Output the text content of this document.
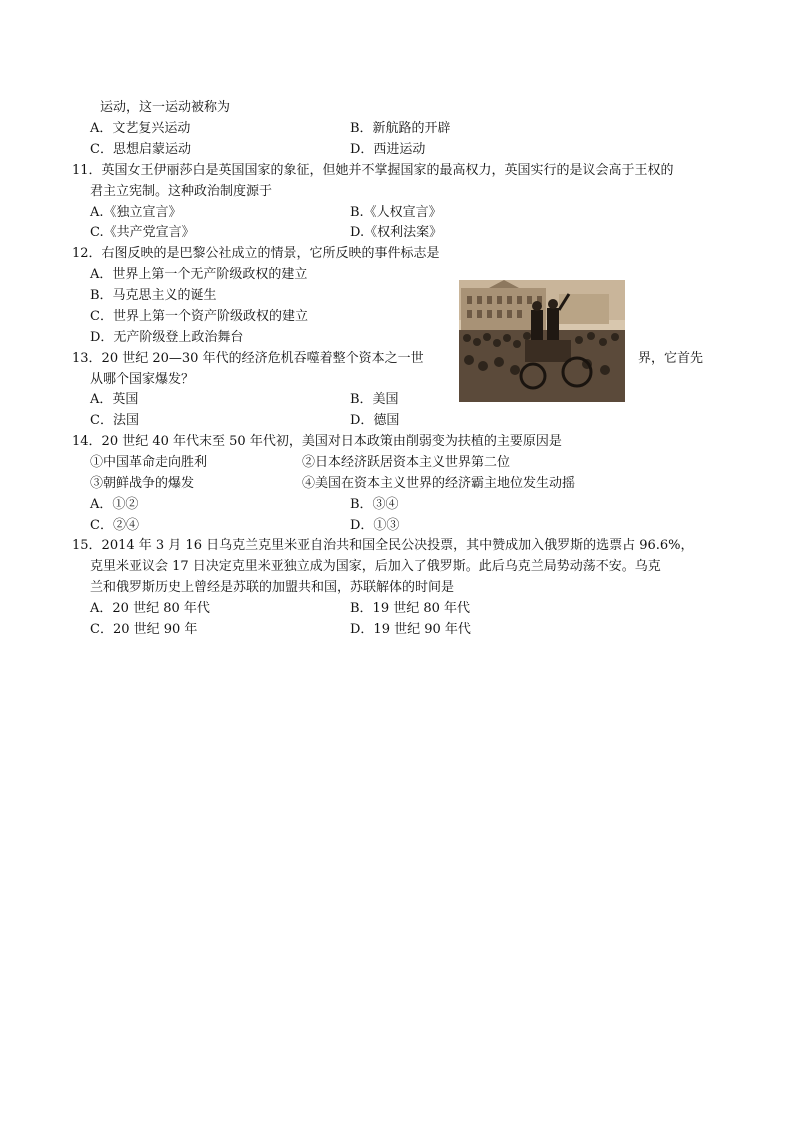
运动，这一运动被称为
A．文艺复兴运动	B．新航路的开辟
C．思想启蒙运动	D．西进运动
11．英国女王伊丽莎白是英国国家的象征，但她并不掌握国家的最高权力，英国实行的是议会高于王权的
君主立宪制。这种政治制度源于
A.《独立宣言》	B.《人权宣言》
C.《共产党宣言》	D.《权利法案》
12．右图反映的是巴黎公社成立的情景，它所反映的事件标志是
A．世界上第一个无产阶级政权的建立
B．马克思主义的诞生
C．世界上第一个资产阶级政权的建立
D．无产阶级登上政治舞台
13．20 世纪 20—30 年代的经济危机吞噬着整个资本之一世	界，它首先
从哪个国家爆发？
A．英国	B．美国
C．法国	D．德国
14．20 世纪 40 年代末至 50 年代初，美国对日本政策由削弱变为扶植的主要原因是
①中国革命走向胜利	②日本经济跃居资本主义世界第二位
③朝鲜战争的爆发	④美国在资本主义世界的经济霸主地位发生动摇
A．①②	B．③④
C．②④	D．①③
15．2014 年 3 月 16 日乌克兰克里米亚自治共和国全民公决投票，其中赞成加入俄罗斯的选票占 96.6%，
克里米亚议会 17 日决定克里米亚独立成为国家，后加入了俄罗斯。此后乌克兰局势动荡不安。乌克
兰和俄罗斯历史上曾经是苏联的加盟共和国，苏联解体的时间是
A．20 世纪 80 年代	B．19 世纪 80 年代
C．20 世纪 90 年	D．19 世纪 90 年代
